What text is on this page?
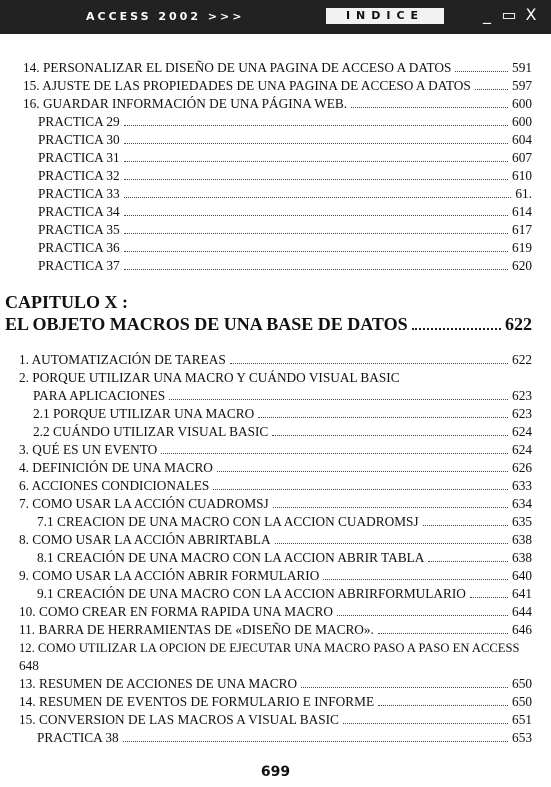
ACCESS 2002 >>>	INDICE	_ ▭ X
14. PERSONALIZAR EL DISEÑO DE UNA PAGINA DE ACCESO A DATOS	591
15. AJUSTE DE LAS PROPIEDADES DE UNA PAGINA DE ACCESO A DATOS	597
16. GUARDAR INFORMACIÓN DE UNA PÁGINA WEB.	600
PRACTICA 29	600
PRACTICA 30	604
PRACTICA 31	607
PRACTICA 32	610
PRACTICA 33	61.
PRACTICA 34	614
PRACTICA 35	617
PRACTICA 36	619
PRACTICA 37	620
CAPITULO X :
EL OBJETO MACROS DE UNA BASE DE DATOS	622
1. AUTOMATIZACIÓN DE TAREAS	622
2. PORQUE UTILIZAR UNA MACRO Y CUÁNDO VISUAL BASIC
PARA APLICACIONES	623
2.1 PORQUE UTILIZAR UNA MACRO	623
2.2 CUÁNDO UTILIZAR VISUAL BASIC	624
3. QUÉ ES UN EVENTO	624
4. DEFINICIÓN DE UNA MACRO	626
6. ACCIONES CONDICIONALES	633
7. COMO USAR LA ACCIÓN CUADROMSJ	634
7.1 CREACION DE UNA MACRO CON LA ACCION CUADROMSJ	635
8. COMO USAR LA ACCIÓN ABRIRTABLA	638
8.1 CREACIÓN DE UNA MACRO CON LA ACCION ABRIR TABLA	638
9. COMO USAR LA ACCIÓN ABRIR FORMULARIO	640
9.1 CREACIÓN DE UNA MACRO CON LA ACCION ABRIRFORMULARIO	641
10. COMO CREAR EN FORMA RAPIDA UNA MACRO	644
11. BARRA DE HERRAMIENTAS DE «DISEÑO DE MACRO».	646
12. COMO UTILIZAR LA OPCION DE EJECUTAR UNA MACRO PASO A PASO EN ACCESS
648
13. RESUMEN DE ACCIONES DE UNA MACRO	650
14. RESUMEN DE EVENTOS DE FORMULARIO E INFORME	650
15. CONVERSION DE LAS MACROS A VISUAL BASIC	651
PRACTICA 38	653
699
